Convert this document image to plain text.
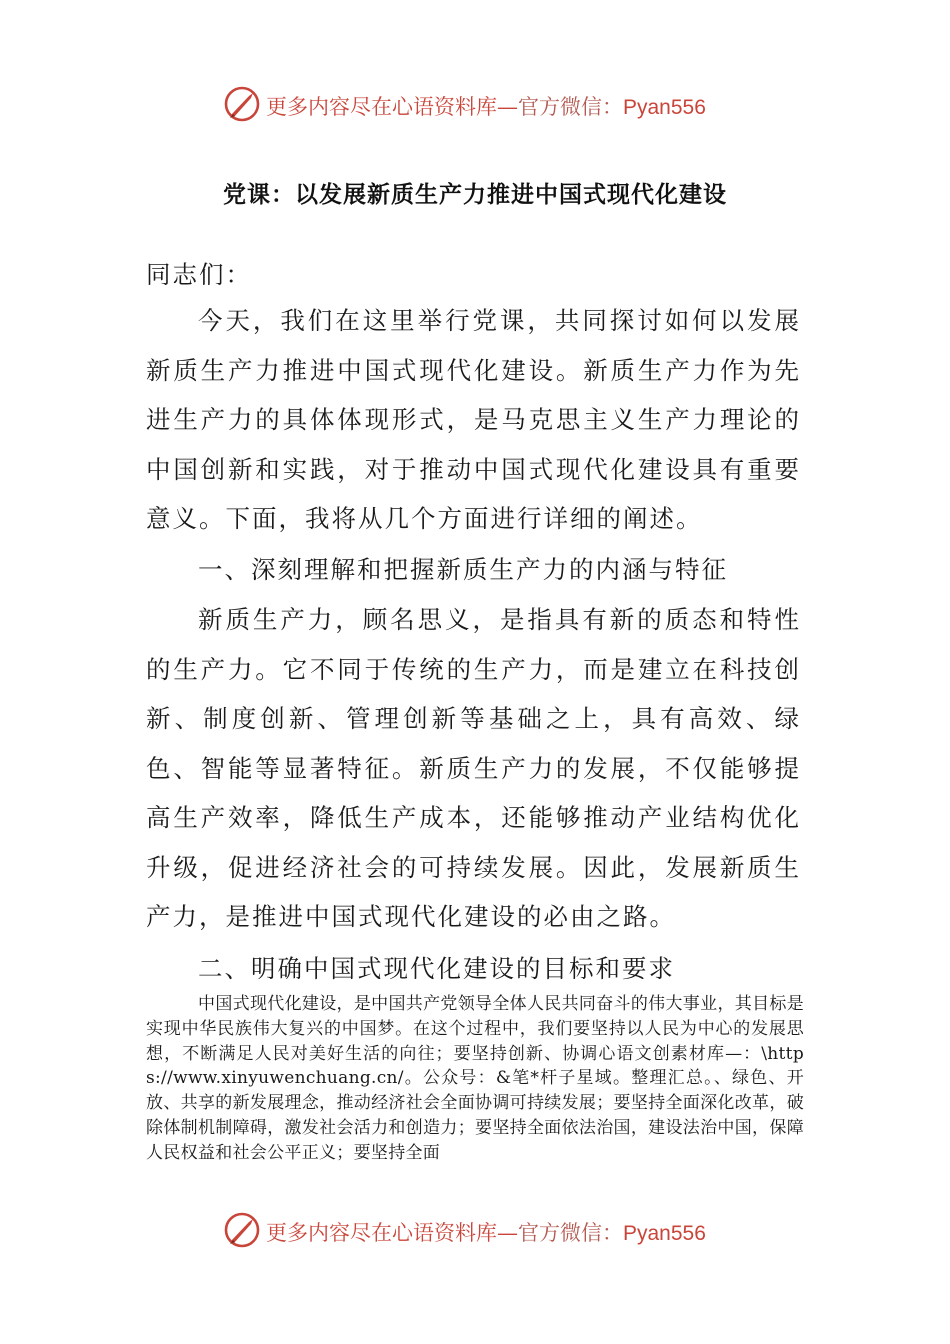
更多内容尽在心语资料库—官方微信：Pyan556
党课：以发展新质生产力推进中国式现代化建设

同志们：

今天，我们在这里举行党课，共同探讨如何以发展新质生产力推进中国式现代化建设。新质生产力作为先进生产力的具体体现形式，是马克思主义生产力理论的中国创新和实践，对于推动中国式现代化建设具有重要意义。下面，我将从几个方面进行详细的阐述。

一、深刻理解和把握新质生产力的内涵与特征

新质生产力，顾名思义，是指具有新的质态和特性的生产力。它不同于传统的生产力，而是建立在科技创新、制度创新、管理创新等基础之上，具有高效、绿色、智能等显著特征。新质生产力的发展，不仅能够提高生产效率，降低生产成本，还能够推动产业结构优化升级，促进经济社会的可持续发展。因此，发展新质生产力，是推进中国式现代化建设的必由之路。

二、明确中国式现代化建设的目标和要求

中国式现代化建设，是中国共产党领导全体人民共同奋斗的伟大事业，其目标是实现中华民族伟大复兴的中国梦。在这个过程中，我们要坚持以人民为中心的发展思想，不断满足人民对美好生活的向往；要坚持创新、协调心语文创素材库—：\https://www.xinyuwenchuang.cn/。公众号：&笔*杆子星域。整理汇总。、绿色、开放、共享的新发展理念，推动经济社会全面协调可持续发展；要坚持全面深化改革，破除体制机制障碍，激发社会活力和创造力；要坚持全面依法治国，建设法治中国，保障人民权益和社会公平正义；要坚持全面

更多内容尽在心语资料库—官方微信：Pyan556
